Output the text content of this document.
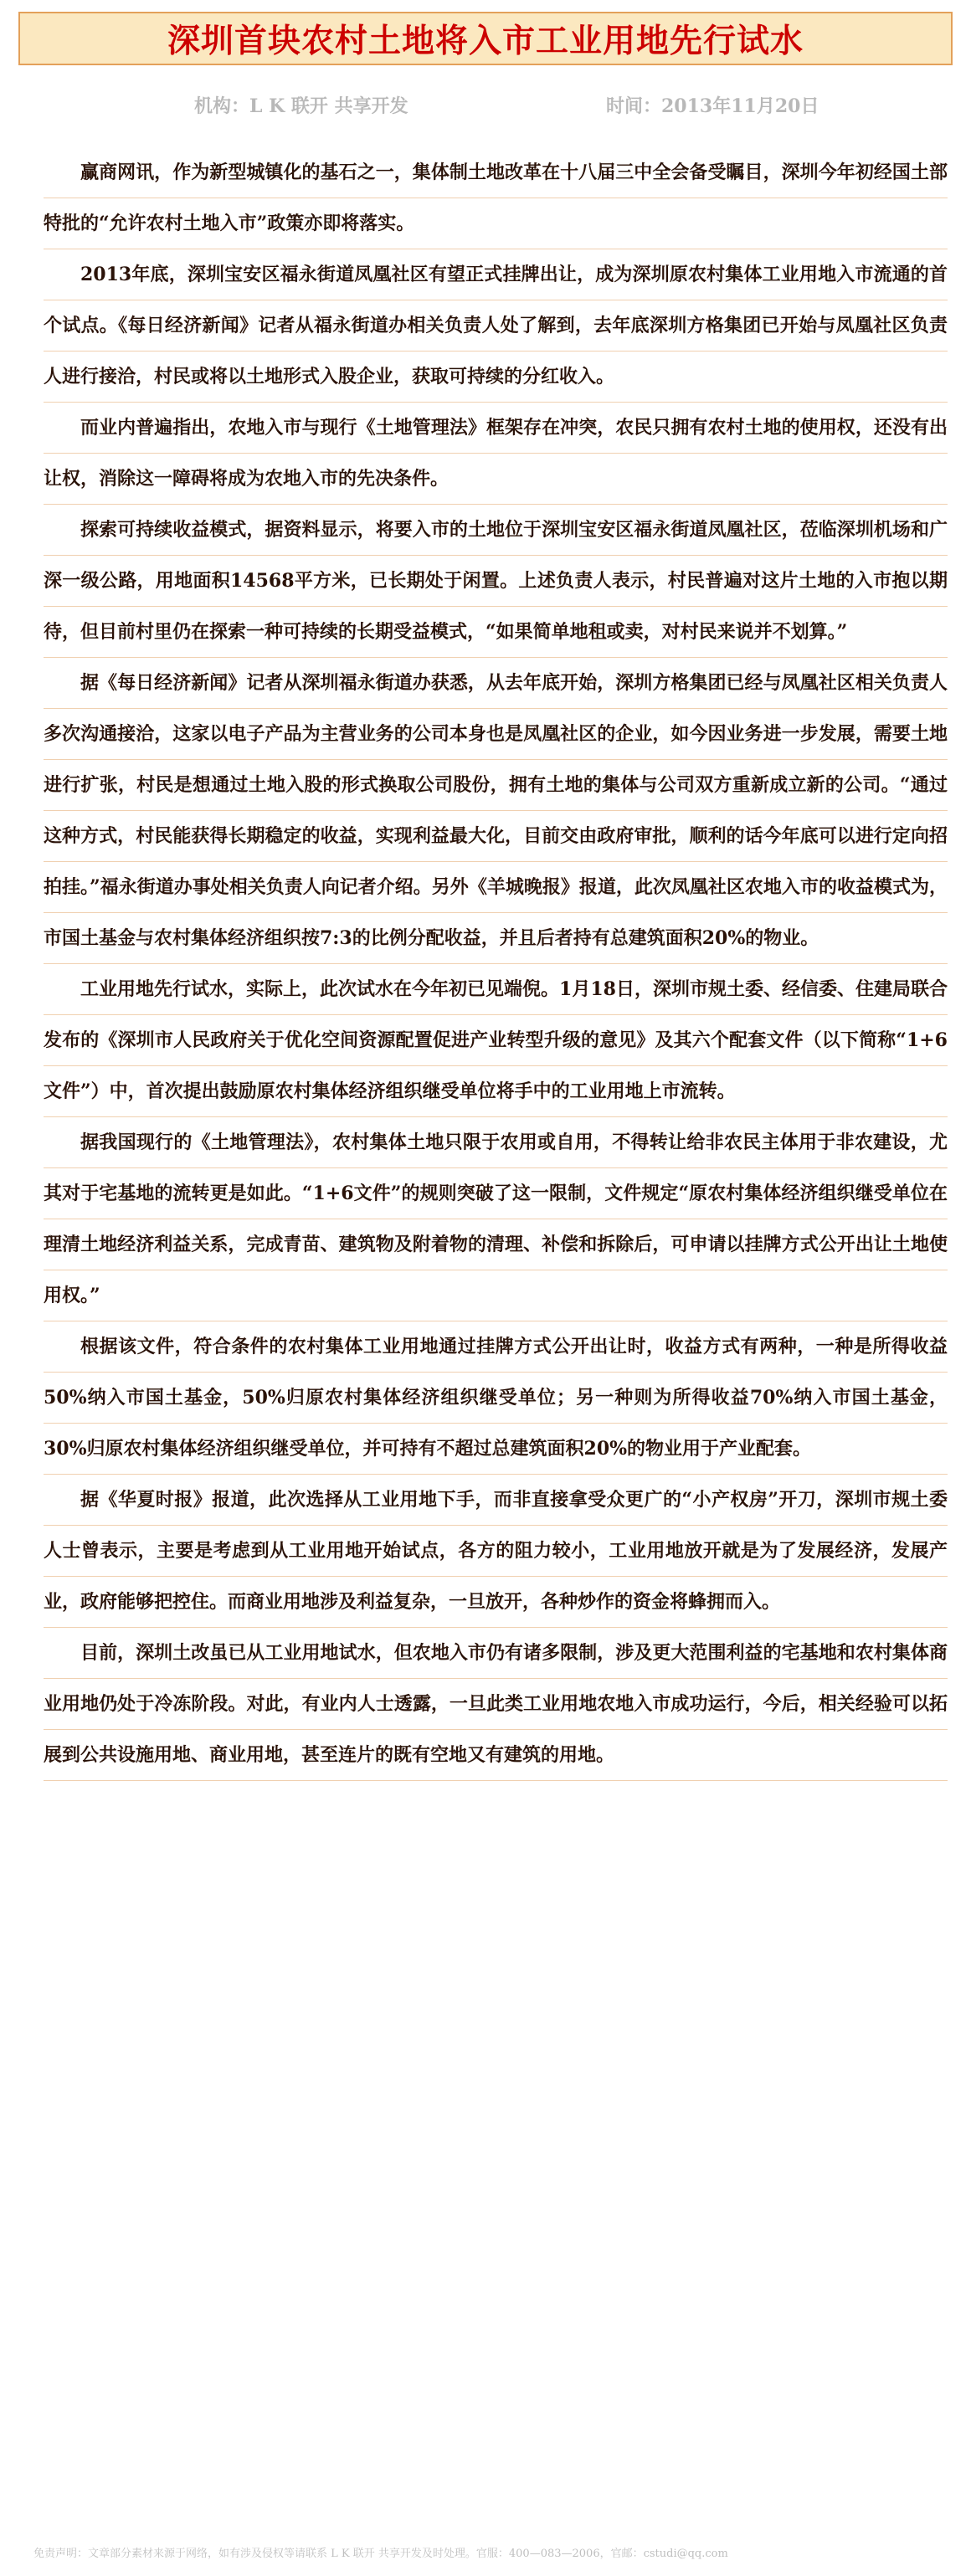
深圳首块农村土地将入市工业用地先行试水
机构：L K 联开 共享开发	时间：2013年11月20日

赢商网讯，作为新型城镇化的基石之一，集体制土地改革在十八届三中全会备受瞩目，深圳今年初经国土部特批的“允许农村土地入市”政策亦即将落实。

2013年底，深圳宝安区福永街道凤凰社区有望正式挂牌出让，成为深圳原农村集体工业用地入市流通的首个试点。《每日经济新闻》记者从福永街道办相关负责人处了解到，去年底深圳方格集团已开始与凤凰社区负责人进行接洽，村民或将以土地形式入股企业，获取可持续的分红收入。

而业内普遍指出，农地入市与现行《土地管理法》框架存在冲突，农民只拥有农村土地的使用权，还没有出让权，消除这一障碍将成为农地入市的先决条件。

探索可持续收益模式，据资料显示，将要入市的土地位于深圳宝安区福永街道凤凰社区，莅临深圳机场和广深一级公路，用地面积14568平方米，已长期处于闲置。上述负责人表示，村民普遍对这片土地的入市抱以期待，但目前村里仍在探索一种可持续的长期受益模式，“如果简单地租或卖，对村民来说并不划算。”

据《每日经济新闻》记者从深圳福永街道办获悉，从去年底开始，深圳方格集团已经与凤凰社区相关负责人多次沟通接洽，这家以电子产品为主营业务的公司本身也是凤凰社区的企业，如今因业务进一步发展，需要土地进行扩张，村民是想通过土地入股的形式换取公司股份，拥有土地的集体与公司双方重新成立新的公司。“通过这种方式，村民能获得长期稳定的收益，实现利益最大化，目前交由政府审批，顺利的话今年底可以进行定向招拍挂。”福永街道办事处相关负责人向记者介绍。另外《羊城晚报》报道，此次凤凰社区农地入市的收益模式为，市国土基金与农村集体经济组织按7:3的比例分配收益，并且后者持有总建筑面积20%的物业。

工业用地先行试水，实际上，此次试水在今年初已见端倪。1月18日，深圳市规土委、经信委、住建局联合发布的《深圳市人民政府关于优化空间资源配置促进产业转型升级的意见》及其六个配套文件（以下简称“1+6文件”）中，首次提出鼓励原农村集体经济组织继受单位将手中的工业用地上市流转。

据我国现行的《土地管理法》，农村集体土地只限于农用或自用，不得转让给非农民主体用于非农建设，尤其对于宅基地的流转更是如此。“1+6文件”的规则突破了这一限制，文件规定“原农村集体经济组织继受单位在理清土地经济利益关系，完成青苗、建筑物及附着物的清理、补偿和拆除后，可申请以挂牌方式公开出让土地使用权。”

根据该文件，符合条件的农村集体工业用地通过挂牌方式公开出让时，收益方式有两种，一种是所得收益50%纳入市国土基金，50%归原农村集体经济组织继受单位；另一种则为所得收益70%纳入市国土基金，30%归原农村集体经济组织继受单位，并可持有不超过总建筑面积20%的物业用于产业配套。

据《华夏时报》报道，此次选择从工业用地下手，而非直接拿受众更广的“小产权房”开刀，深圳市规土委人士曾表示，主要是考虑到从工业用地开始试点，各方的阻力较小，工业用地放开就是为了发展经济，发展产业，政府能够把控住。而商业用地涉及利益复杂，一旦放开，各种炒作的资金将蜂拥而入。

目前，深圳土改虽已从工业用地试水，但农地入市仍有诸多限制，涉及更大范围利益的宅基地和农村集体商业用地仍处于冷冻阶段。对此，有业内人士透露，一旦此类工业用地农地入市成功运行，今后，相关经验可以拓展到公共设施用地、商业用地，甚至连片的既有空地又有建筑的用地。

免责声明：文章部分素材来源于网络，如有涉及侵权等请联系 L K 联开 共享开发及时处理。官服：400—083—2006，官邮：cstudi@qq.com
